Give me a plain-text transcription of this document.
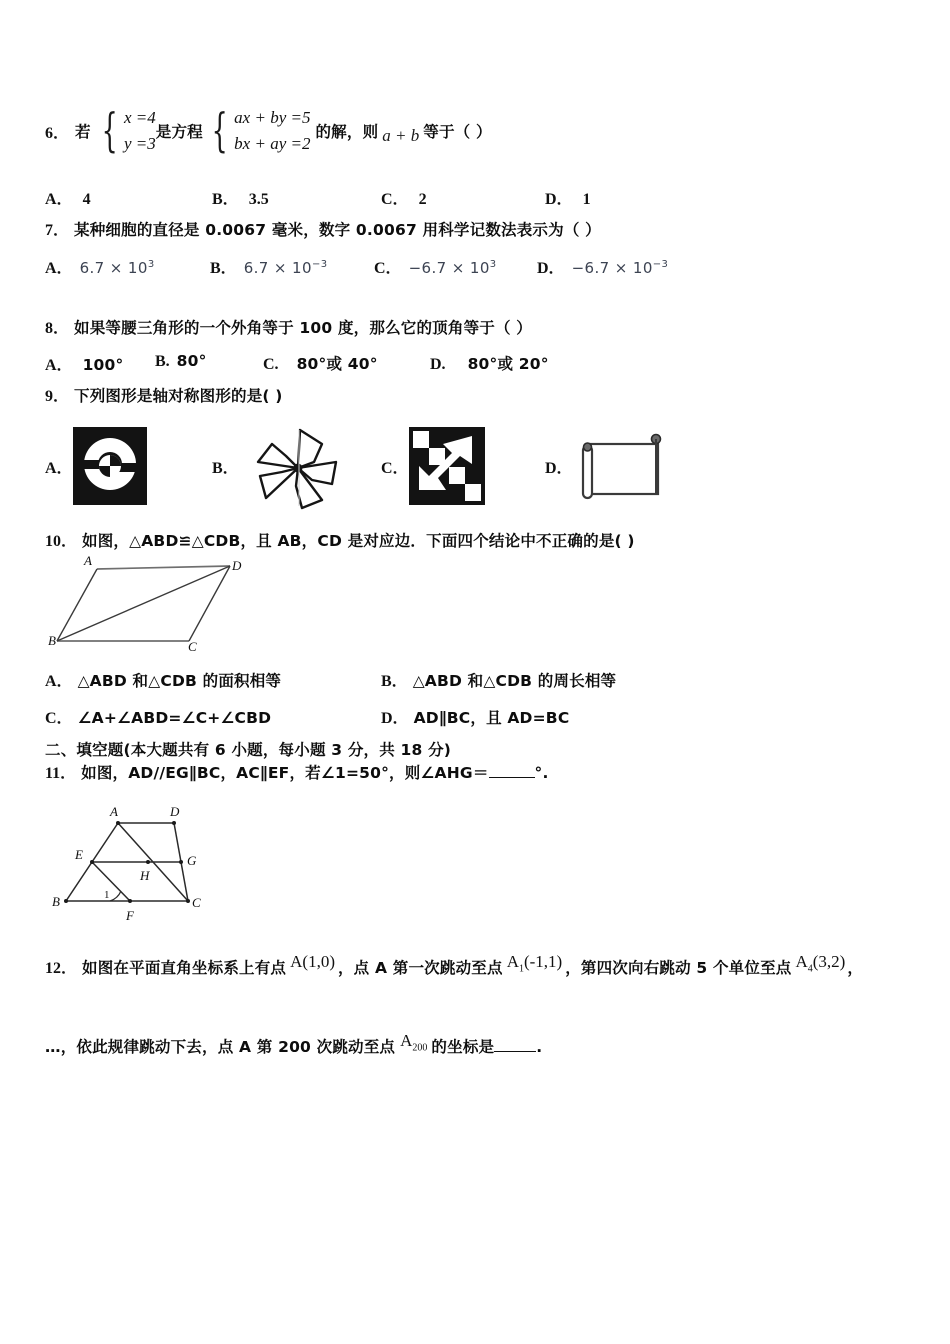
6． 若 { x =4
y =3
是方程 { ax + by =5
bx + ay =2
的解，则 a + b 等于（ ）
A． 4	B． 3.5	C． 2	D． 1
7． 某种细胞的直径是 0.0067 毫米，数字 0.0067 用科学记数法表示为（ ）
A． $6.7 \times 10^3$	B． $6.7 \times 10^{-3}$	C． $-6.7 \times 10^3$	D． $-6.7 \times 10^{-3}$
8． 如果等腰三角形的一个外角等于 100 度，那么它的顶角等于（ ）
A． 100° B. 80°	C. 80°或 40°	D. 80°或 20°
9． 下列图形是轴对称图形的是( )
A．	B．	C．	D．
10． 如图，△ABD≌△CDB，且 AB，CD 是对应边．下面四个结论中不正确的是( )
A	D
B	C
A． △ABD 和△CDB 的面积相等	B． △ABD 和△CDB 的周长相等
C． ∠A+∠ABD=∠C+∠CBD	D． AD∥BC，且 AD=BC
二、填空题(本大题共有 6 小题，每小题 3 分，共 18 分)
11． 如图，AD//EG∥BC，AC∥EF，若∠1=50°，则∠AHG＝	°.
A	D
E	G
H
B
F
C
1
12． 如图在平面直角坐标系上有点 A(1,0) ，点 A 第一次跳动至点 $A_1(-1,1)$ ，第四次向右跳动 5 个单位至点 $A_4(3,2)$ ，
…，依此规律跳动下去，点 A 第 200 次跳动至点 $A_{200}$ 的坐标是	.
